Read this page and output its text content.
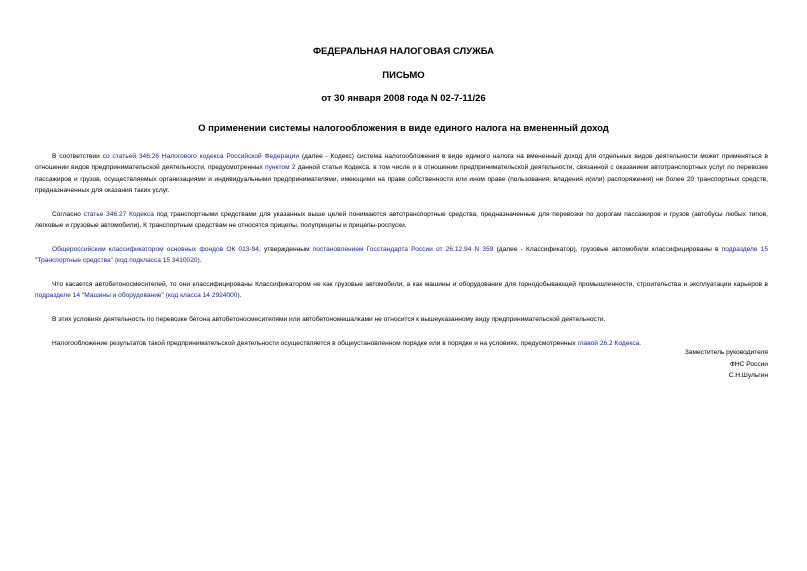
ФЕДЕРАЛЬНАЯ НАЛОГОВАЯ СЛУЖБА
ПИСЬМО
от 30 января 2008 года N 02-7-11/26
О применении системы налогообложения в виде единого налога на вмененный доход

В соответствии со статьей 346.26 Налогового кодекса Российской Федерации (далее - Кодекс) система налогообложения в виде единого налога на вмененный доход для отдельных видов деятельности может применяться в отношении видов предпринимательской деятельности, предусмотренных пунктом 2 данной статьи Кодекса, в том числе и в отношении предпринимательской деятельности, связанной с оказанием автотранспортных услуг по перевозке пассажиров и грузов, осуществляемых организациями и индивидуальными предпринимателями, имеющими на праве собственности или ином праве (пользования, владения и(или) распоряжения) не более 20 транспортных средств, предназначенных для оказания таких услуг.

Согласно статье 346.27 Кодекса под транспортными средствами для указанных выше целей понимаются автотранспортные средства, предназначенные для перевозки по дорогам пассажиров и грузов (автобусы любых типов, легковые и грузовые автомобили). К транспортным средствам не относятся прицепы, полуприцепы и прицепы-роспуски.

Общероссийским классификатором основных фондов ОК 013-94, утвержденным постановлением Госстандарта России от 26.12.94 N 359 (далее - Классификатор), грузовые автомобили классифицированы в подразделе 15 "Транспортные средства" (код подкласса 15 3410020).

Что касается автобетоносмесителей, то они классифицированы Классификатором не как грузовые автомобили, а как машины и оборудование для горнодобывающей промышленности, строительства и эксплуатации карьеров в подразделе 14 "Машины и оборудование" (код класса 14 2924000).

В этих условиях деятельность по перевозке бетона автобетоносмесителями или автобетономешалками не относится к вышеуказанному виду предпринимательской деятельности.

Налогообложение результатов такой предпринимательской деятельности осуществляется в общеустановленном порядке или в порядке и на условиях, предусмотренных главой 26.2 Кодекса.

Заместитель руководителя
ФНС России
С.Н.Шульгин
